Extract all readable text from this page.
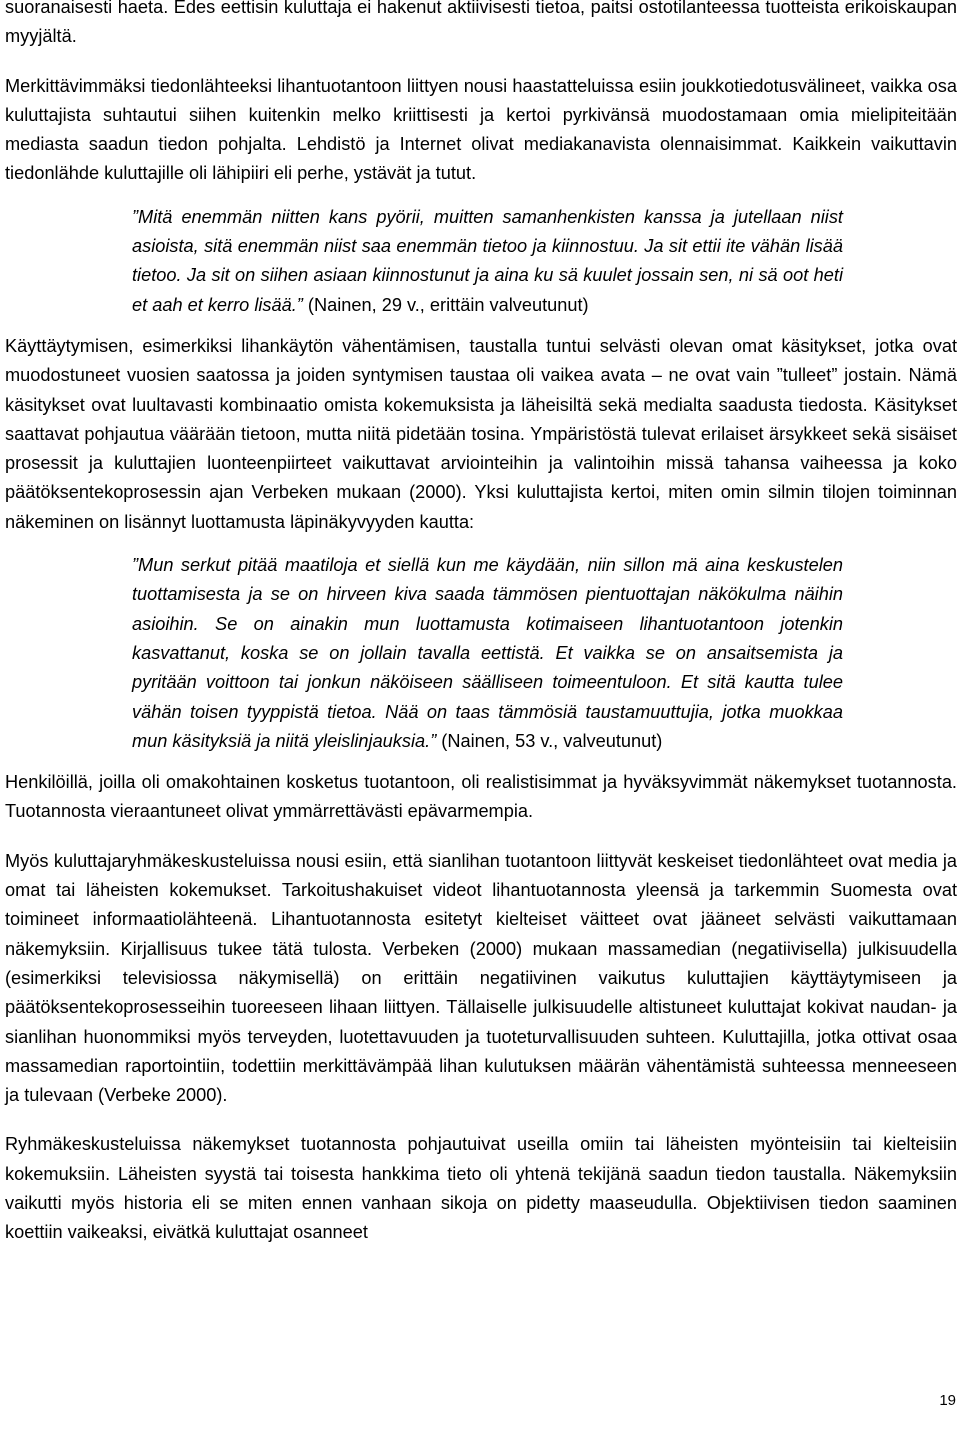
suoranaisesti haeta. Edes eettisin kuluttaja ei hakenut aktiivisesti tietoa, paitsi ostotilanteessa tuotteista erikoiskaupan myyjältä.

Merkittävimmäksi tiedonlähteeksi lihantuotantoon liittyen nousi haastatteluissa esiin joukkotiedotusvälineet, vaikka osa kuluttajista suhtautui siihen kuitenkin melko kriittisesti ja kertoi pyrkivänsä muodostamaan omia mielipiteitään mediasta saadun tiedon pohjalta. Lehdistö ja Internet olivat mediakanavista olennaisimmat. Kaikkein vaikuttavin tiedonlähde kuluttajille oli lähipiiri eli perhe, ystävät ja tutut.

”Mitä enemmän niitten kans pyörii, muitten samanhenkisten kanssa ja jutellaan niist asioista, sitä enemmän niist saa enemmän tietoo ja kiinnostuu. Ja sit ettii ite vähän lisää tietoo. Ja sit on siihen asiaan kiinnostunut ja aina ku sä kuulet jossain sen, ni sä oot heti et aah et kerro lisää.” (Nainen, 29 v., erittäin valveutunut)

Käyttäytymisen, esimerkiksi lihankäytön vähentämisen, taustalla tuntui selvästi olevan omat käsitykset, jotka ovat muodostuneet vuosien saatossa ja joiden syntymisen taustaa oli vaikea avata – ne ovat vain ”tulleet” jostain. Nämä käsitykset ovat luultavasti kombinaatio omista kokemuksista ja läheisiltä sekä medialta saadusta tiedosta. Käsitykset saattavat pohjautua väärään tietoon, mutta niitä pidetään tosina. Ympäristöstä tulevat erilaiset ärsykkeet sekä sisäiset prosessit ja kuluttajien luonteenpiirteet vaikuttavat arviointeihin ja valintoihin missä tahansa vaiheessa ja koko päätöksentekoprosessin ajan Verbeken mukaan (2000). Yksi kuluttajista kertoi, miten omin silmin tilojen toiminnan näkeminen on lisännyt luottamusta läpinäkyvyyden kautta:

”Mun serkut pitää maatiloja et siellä kun me käydään, niin sillon mä aina keskustelen tuottamisesta ja se on hirveen kiva saada tämmösen pientuottajan näkökulma näihin asioihin. Se on ainakin mun luottamusta kotimaiseen lihantuotantoon jotenkin kasvattanut, koska se on jollain tavalla eettistä. Et vaikka se on ansaitsemista ja pyritään voittoon tai jonkun näköiseen säälliseen toimeentuloon. Et sitä kautta tulee vähän toisen tyyppistä tietoa. Nää on taas tämmösiä taustamuuttujia, jotka muokkaa mun käsityksiä ja niitä yleislinjauksia.” (Nainen, 53 v., valveutunut)

Henkilöillä, joilla oli omakohtainen kosketus tuotantoon, oli realistisimmat ja hyväksyvimmät näkemykset tuotannosta. Tuotannosta vieraantuneet olivat ymmärrettävästi epävarmempia.

Myös kuluttajaryhmäkeskusteluissa nousi esiin, että sianlihan tuotantoon liittyvät keskeiset tiedonlähteet ovat media ja omat tai läheisten kokemukset. Tarkoitushakuiset videot lihantuotannosta yleensä ja tarkemmin Suomesta ovat toimineet informaatiolähteenä. Lihantuotannosta esitetyt kielteiset väitteet ovat jääneet selvästi vaikuttamaan näkemyksiin. Kirjallisuus tukee tätä tulosta. Verbeken (2000) mukaan massamedian (negatiivisella) julkisuudella (esimerkiksi televisiossa näkymisellä) on erittäin negatiivinen vaikutus kuluttajien käyttäytymiseen ja päätöksentekoprosesseihin tuoreeseen lihaan liittyen. Tällaiselle julkisuudelle altistuneet kuluttajat kokivat naudan- ja sianlihan huonommiksi myös terveyden, luotettavuuden ja tuoteturvallisuuden suhteen. Kuluttajilla, jotka ottivat osaa massamedian raportointiin, todettiin merkittävämpää lihan kulutuksen määrän vähentämistä suhteessa menneeseen ja tulevaan (Verbeke 2000).

Ryhmäkeskusteluissa näkemykset tuotannosta pohjautuivat useilla omiin tai läheisten myönteisiin tai kielteisiin kokemuksiin. Läheisten syystä tai toisesta hankkima tieto oli yhtenä tekijänä saadun tiedon taustalla. Näkemyksiin vaikutti myös historia eli se miten ennen vanhaan sikoja on pidetty maaseudulla. Objektiivisen tiedon saaminen koettiin vaikeaksi, eivätkä kuluttajat osanneet

19
